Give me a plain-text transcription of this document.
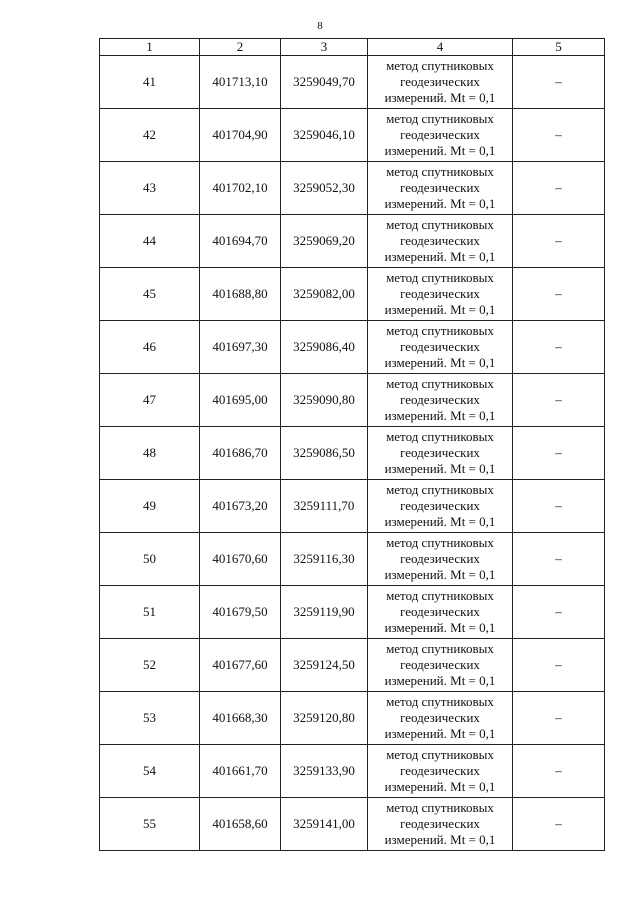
8
1	2	3	4	5
41	401713,10	3259049,70	метод спутниковых геодезических измерений. Mt = 0,1	–
42	401704,90	3259046,10	метод спутниковых геодезических измерений. Mt = 0,1	–
43	401702,10	3259052,30	метод спутниковых геодезических измерений. Mt = 0,1	–
44	401694,70	3259069,20	метод спутниковых геодезических измерений. Mt = 0,1	–
45	401688,80	3259082,00	метод спутниковых геодезических измерений. Mt = 0,1	–
46	401697,30	3259086,40	метод спутниковых геодезических измерений. Mt = 0,1	–
47	401695,00	3259090,80	метод спутниковых геодезических измерений. Mt = 0,1	–
48	401686,70	3259086,50	метод спутниковых геодезических измерений. Mt = 0,1	–
49	401673,20	3259111,70	метод спутниковых геодезических измерений. Mt = 0,1	–
50	401670,60	3259116,30	метод спутниковых геодезических измерений. Mt = 0,1	–
51	401679,50	3259119,90	метод спутниковых геодезических измерений. Mt = 0,1	–
52	401677,60	3259124,50	метод спутниковых геодезических измерений. Mt = 0,1	–
53	401668,30	3259120,80	метод спутниковых геодезических измерений. Mt = 0,1	–
54	401661,70	3259133,90	метод спутниковых геодезических измерений. Mt = 0,1	–
55	401658,60	3259141,00	метод спутниковых геодезических измерений. Mt = 0,1	–
